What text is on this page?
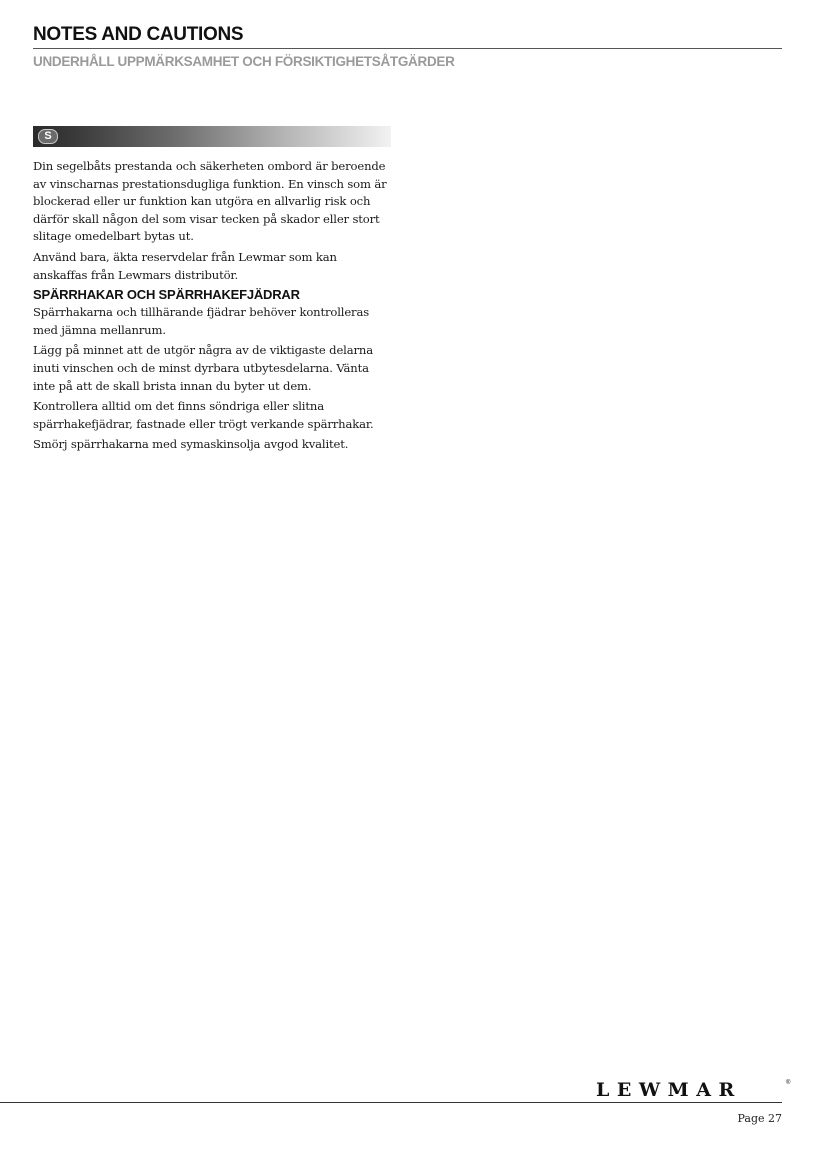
NOTES AND CAUTIONS
UNDERHÅLL UPPMÄRKSAMHET OCH FÖRSIKTIGHETSÅTGÄRDER
S

Din segelbåts prestanda och säkerheten ombord är beroende av vinscharnas prestationsdugliga funktion. En vinsch som är blockerad eller ur funktion kan utgöra en allvarlig risk och därför skall någon del som visar tecken på skador eller stort slitage omedelbart bytas ut.

Använd bara, äkta reservdelar från Lewmar som kan anskaffas från Lewmars distributör.

SPÄRRHAKAR OCH SPÄRRHAKEFJÄDRAR

Spärrhakarna och tillhärande fjädrar behöver kontrolleras med jämna mellanrum.

Lägg på minnet att de utgör några av de viktigaste delarna inuti vinschen och de minst dyrbara utbytesdelarna. Vänta inte på att de skall brista innan du byter ut dem.

Kontrollera alltid om det finns söndriga eller slitna spärrhakefjädrar, fastnade eller trögt verkande spärrhakar.

Smörj spärrhakarna med symaskinsolja avgod kvalitet.

LEWMAR	®
Page 27
